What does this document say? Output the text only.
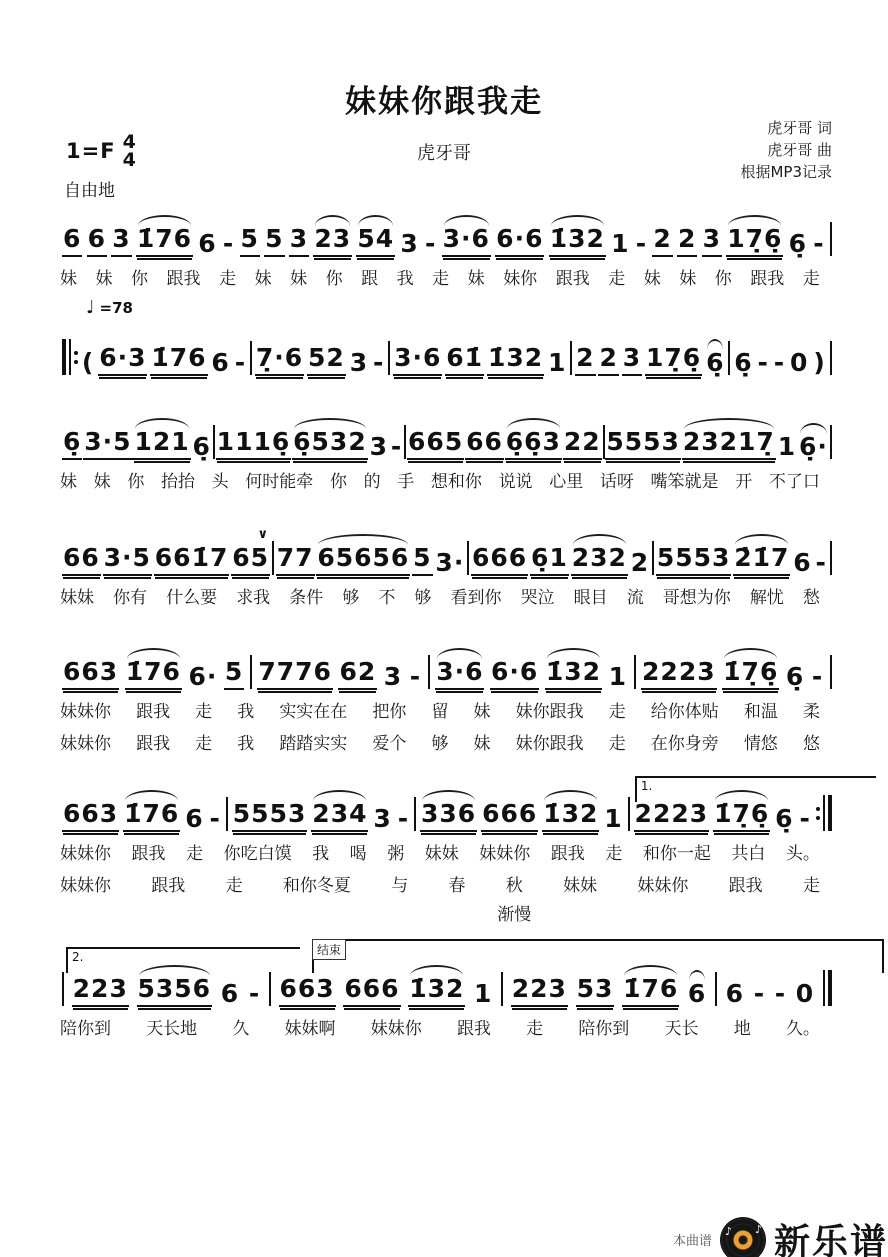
妹妹你跟我走
虎牙哥 词
虎牙哥 曲
根据MP3记录
1=F 4
4	虎牙哥
自由地
6 6 3 1̇76 6 - 5 5 3 23 54 3 - 3·6 6·6 1̇32 1 - 2 2 3 17̣6̣ 6̣ -
妹 妹 你 跟我 走 妹 妹 你 跟 我 走 妹 妹你 跟我 走 妹 妹 你 跟我 走
♩ =78
( 6·3 1̇76 6 - 7̣·6 52 3 - 3·6 61̇ 1̇32 1 2 2 3 17̣6̣ 6̣ 6̣ - - 0 )
6̣ 3·5 121 6̣ 1116̣ 6̣532 3 - 665 66 6̣6̣3 22 5553 23217̣ 1 6̣·
妹 妹 你 抬抬 头 何时能牵 你 的 手 想和你 说说 心里 话呀 嘴笨就是 开 不了口
66 3·5 661̇7 65
∨
77 65656 5 3· 666 6̣1 232 2 5553 2̇1̇7 6 -
妹妹 你有 什么要 求我 条件 够 不 够 看到你 哭泣 眼目 流 哥想为你 解忧 愁
663 1̇76 6· 5 7776 62 3 - 3·6 6·6 1̇32 1 2223 1̇7̣6̣ 6̣ -
妹妹你 跟我 走 我 实实在在 把你 留 妹 妹你跟我 走 给你体贴 和温 柔
妹妹你 跟我 走 我 踏踏实实 爱个 够 妹 妹你跟我 走 在你身旁 情悠 悠
1.
663 1̇76 6 - 5553 234 3 - 336 666 1̇32 1 2223 1̇7̣6̣ 6̣ -
妹妹你 跟我 走 你吃白馍 我 喝 粥 妹妹 妹妹你 跟我 走 和你一起 共白 头。
妹妹你 跟我 走 和你冬夏 与 春 秋 妹妹 妹妹你 跟我 走
渐慢
2.	结束
223 5356 6 - 663 666 1̇32 1 223 53 1̇76 6 6 - - 0
陪你到 天长地 久 妹妹啊 妹妹你 跟我 走 陪你到 天长 地 久。
本曲谱
♪ ♪ 新乐谱
